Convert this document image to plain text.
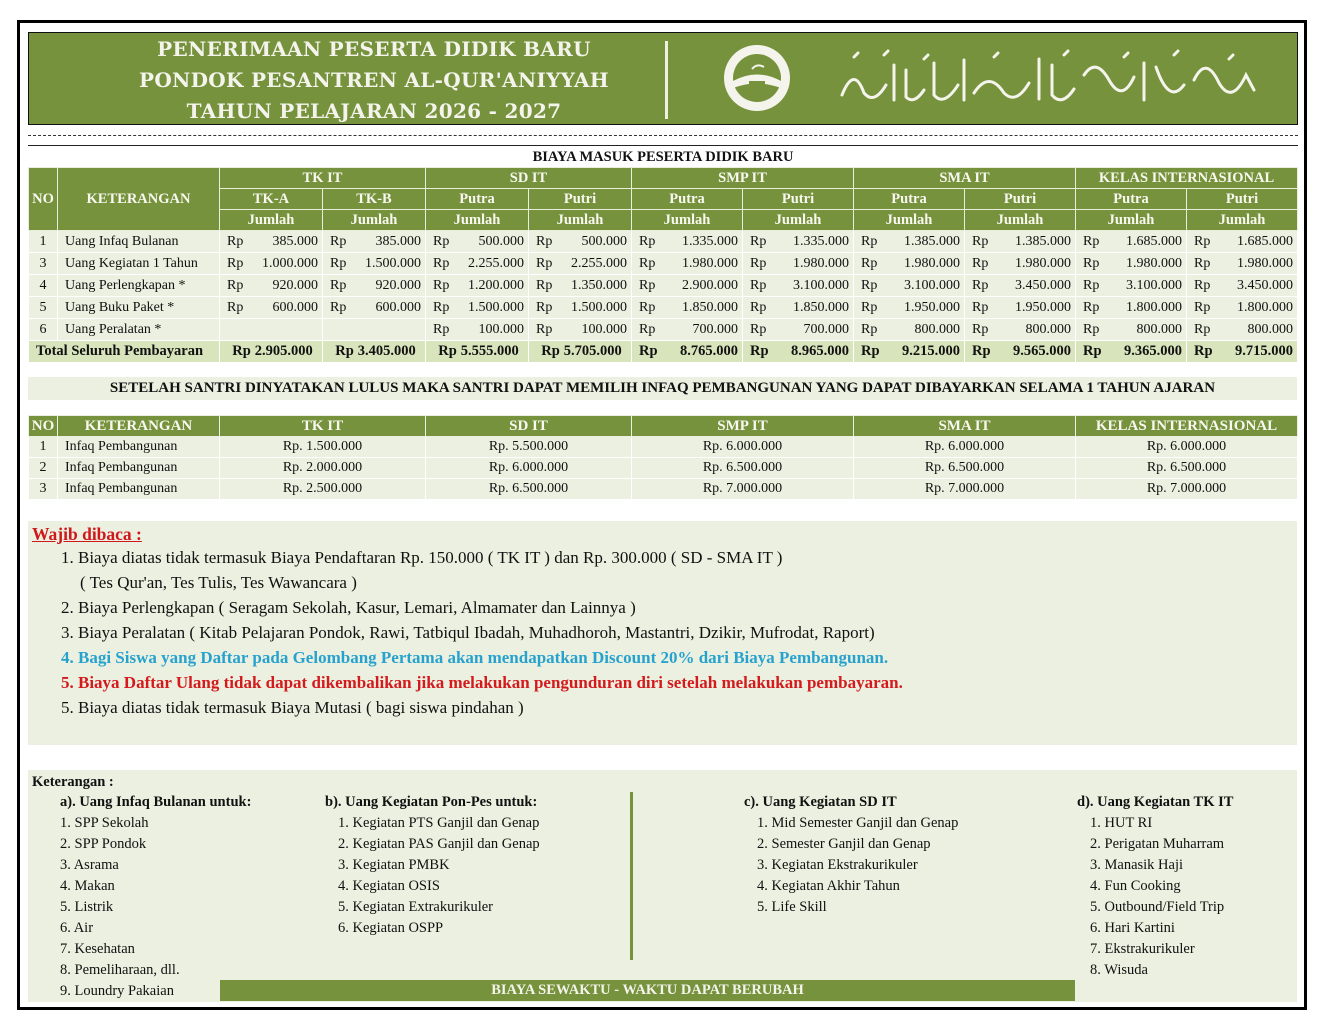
PENERIMAAN PESERTA DIDIK BARU
PONDOK PESANTREN AL-QUR'ANIYYAH
TAHUN PELAJARAN 2026 - 2027
BIAYA MASUK PESERTA DIDIK BARU											
NO	KETERANGAN	TK IT		SD IT		SMP IT		SMA IT		KELAS INTERNASIONAL	
		TK-A	TK-B	Putra	Putri	Putra	Putri	Putra	Putri	Putra	Putri
		Jumlah	Jumlah	Jumlah	Jumlah	Jumlah	Jumlah	Jumlah	Jumlah	Jumlah	Jumlah
1	Uang Infaq Bulanan	Rp 385.000	Rp 385.000	Rp 500.000	Rp 500.000	Rp 1.335.000	Rp 1.335.000	Rp 1.385.000	Rp 1.385.000	Rp 1.685.000	Rp 1.685.000

3	Uang Kegiatan 1 Tahun	Rp 1.000.000	Rp 1.500.000	Rp 2.255.000	Rp 2.255.000	Rp 1.980.000	Rp 1.980.000	Rp 1.980.000	Rp 1.980.000	Rp 1.980.000	Rp 1.980.000

4	Uang Perlengkapan *	Rp 920.000	Rp 920.000	Rp 1.200.000	Rp 1.350.000	Rp 2.900.000	Rp 3.100.000	Rp 3.100.000	Rp 3.450.000	Rp 3.100.000	Rp 3.450.000

5	Uang Buku Paket *	Rp 600.000	Rp 600.000	Rp 1.500.000	Rp 1.500.000	Rp 1.850.000	Rp 1.850.000	Rp 1.950.000	Rp 1.950.000	Rp 1.800.000	Rp 1.800.000

6	Uang Peralatan *			Rp 100.000	Rp 100.000	Rp 700.000	Rp 700.000	Rp 800.000	Rp 800.000	Rp 800.000	Rp 800.000

Total Seluruh Pembayaran		Rp 2.905.000	Rp 3.405.000	Rp 5.555.000	Rp 5.705.000	Rp 8.765.000	Rp 8.965.000	Rp 9.215.000	Rp 9.565.000	Rp 9.365.000	Rp 9.715.000
SETELAH SANTRI DINYATAKAN LULUS MAKA SANTRI DAPAT MEMILIH INFAQ PEMBANGUNAN YANG DAPAT DIBAYARKAN SELAMA 1 TAHUN AJARAN
NO	KETERANGAN	TK IT	SD IT	SMP IT	SMA IT	KELAS INTERNASIONAL
1	Infaq Pembangunan	Rp. 1.500.000	Rp. 5.500.000	Rp. 6.000.000	Rp. 6.000.000	Rp. 6.000.000
2	Infaq Pembangunan	Rp. 2.000.000	Rp. 6.000.000	Rp. 6.500.000	Rp. 6.500.000	Rp. 6.500.000
3	Infaq Pembangunan	Rp. 2.500.000	Rp. 6.500.000	Rp. 7.000.000	Rp. 7.000.000	Rp. 7.000.000
Wajib dibaca :
1. Biaya diatas tidak termasuk Biaya Pendaftaran Rp. 150.000 ( TK IT ) dan Rp. 300.000 ( SD - SMA IT )
( Tes Qur'an, Tes Tulis, Tes Wawancara )
2. Biaya Perlengkapan ( Seragam Sekolah, Kasur, Lemari, Almamater dan Lainnya )
3. Biaya Peralatan ( Kitab Pelajaran Pondok, Rawi, Tatbiqul Ibadah, Muhadhoroh, Mastantri, Dzikir, Mufrodat, Raport)
4. Bagi Siswa yang Daftar pada Gelombang Pertama akan mendapatkan Discount 20% dari Biaya Pembangunan.
5. Biaya Daftar Ulang tidak dapat dikembalikan jika melakukan pengunduran diri setelah melakukan pembayaran.
5. Biaya diatas tidak termasuk Biaya Mutasi ( bagi siswa pindahan )
Keterangan :
a). Uang Infaq Bulanan untuk:
1. SPP Sekolah
2. SPP Pondok
3. Asrama
4. Makan
5. Listrik
6. Air
7. Kesehatan
8. Pemeliharaan, dll.
9. Loundry Pakaian
b). Uang Kegiatan Pon-Pes untuk:
1. Kegiatan PTS Ganjil dan Genap
2. Kegiatan PAS Ganjil dan Genap
3. Kegiatan PMBK
4. Kegiatan OSIS
5. Kegiatan Extrakurikuler
6. Kegiatan OSPP
c). Uang Kegiatan SD IT
1. Mid Semester Ganjil dan Genap
2. Semester Ganjil dan Genap
3. Kegiatan Ekstrakurikuler
4. Kegiatan Akhir Tahun
5. Life Skill
d). Uang Kegiatan TK IT
1. HUT RI
2. Perigatan Muharram
3. Manasik Haji
4. Fun Cooking
5. Outbound/Field Trip
6. Hari Kartini
7. Ekstrakurikuler
8. Wisuda
BIAYA SEWAKTU - WAKTU DAPAT BERUBAH
